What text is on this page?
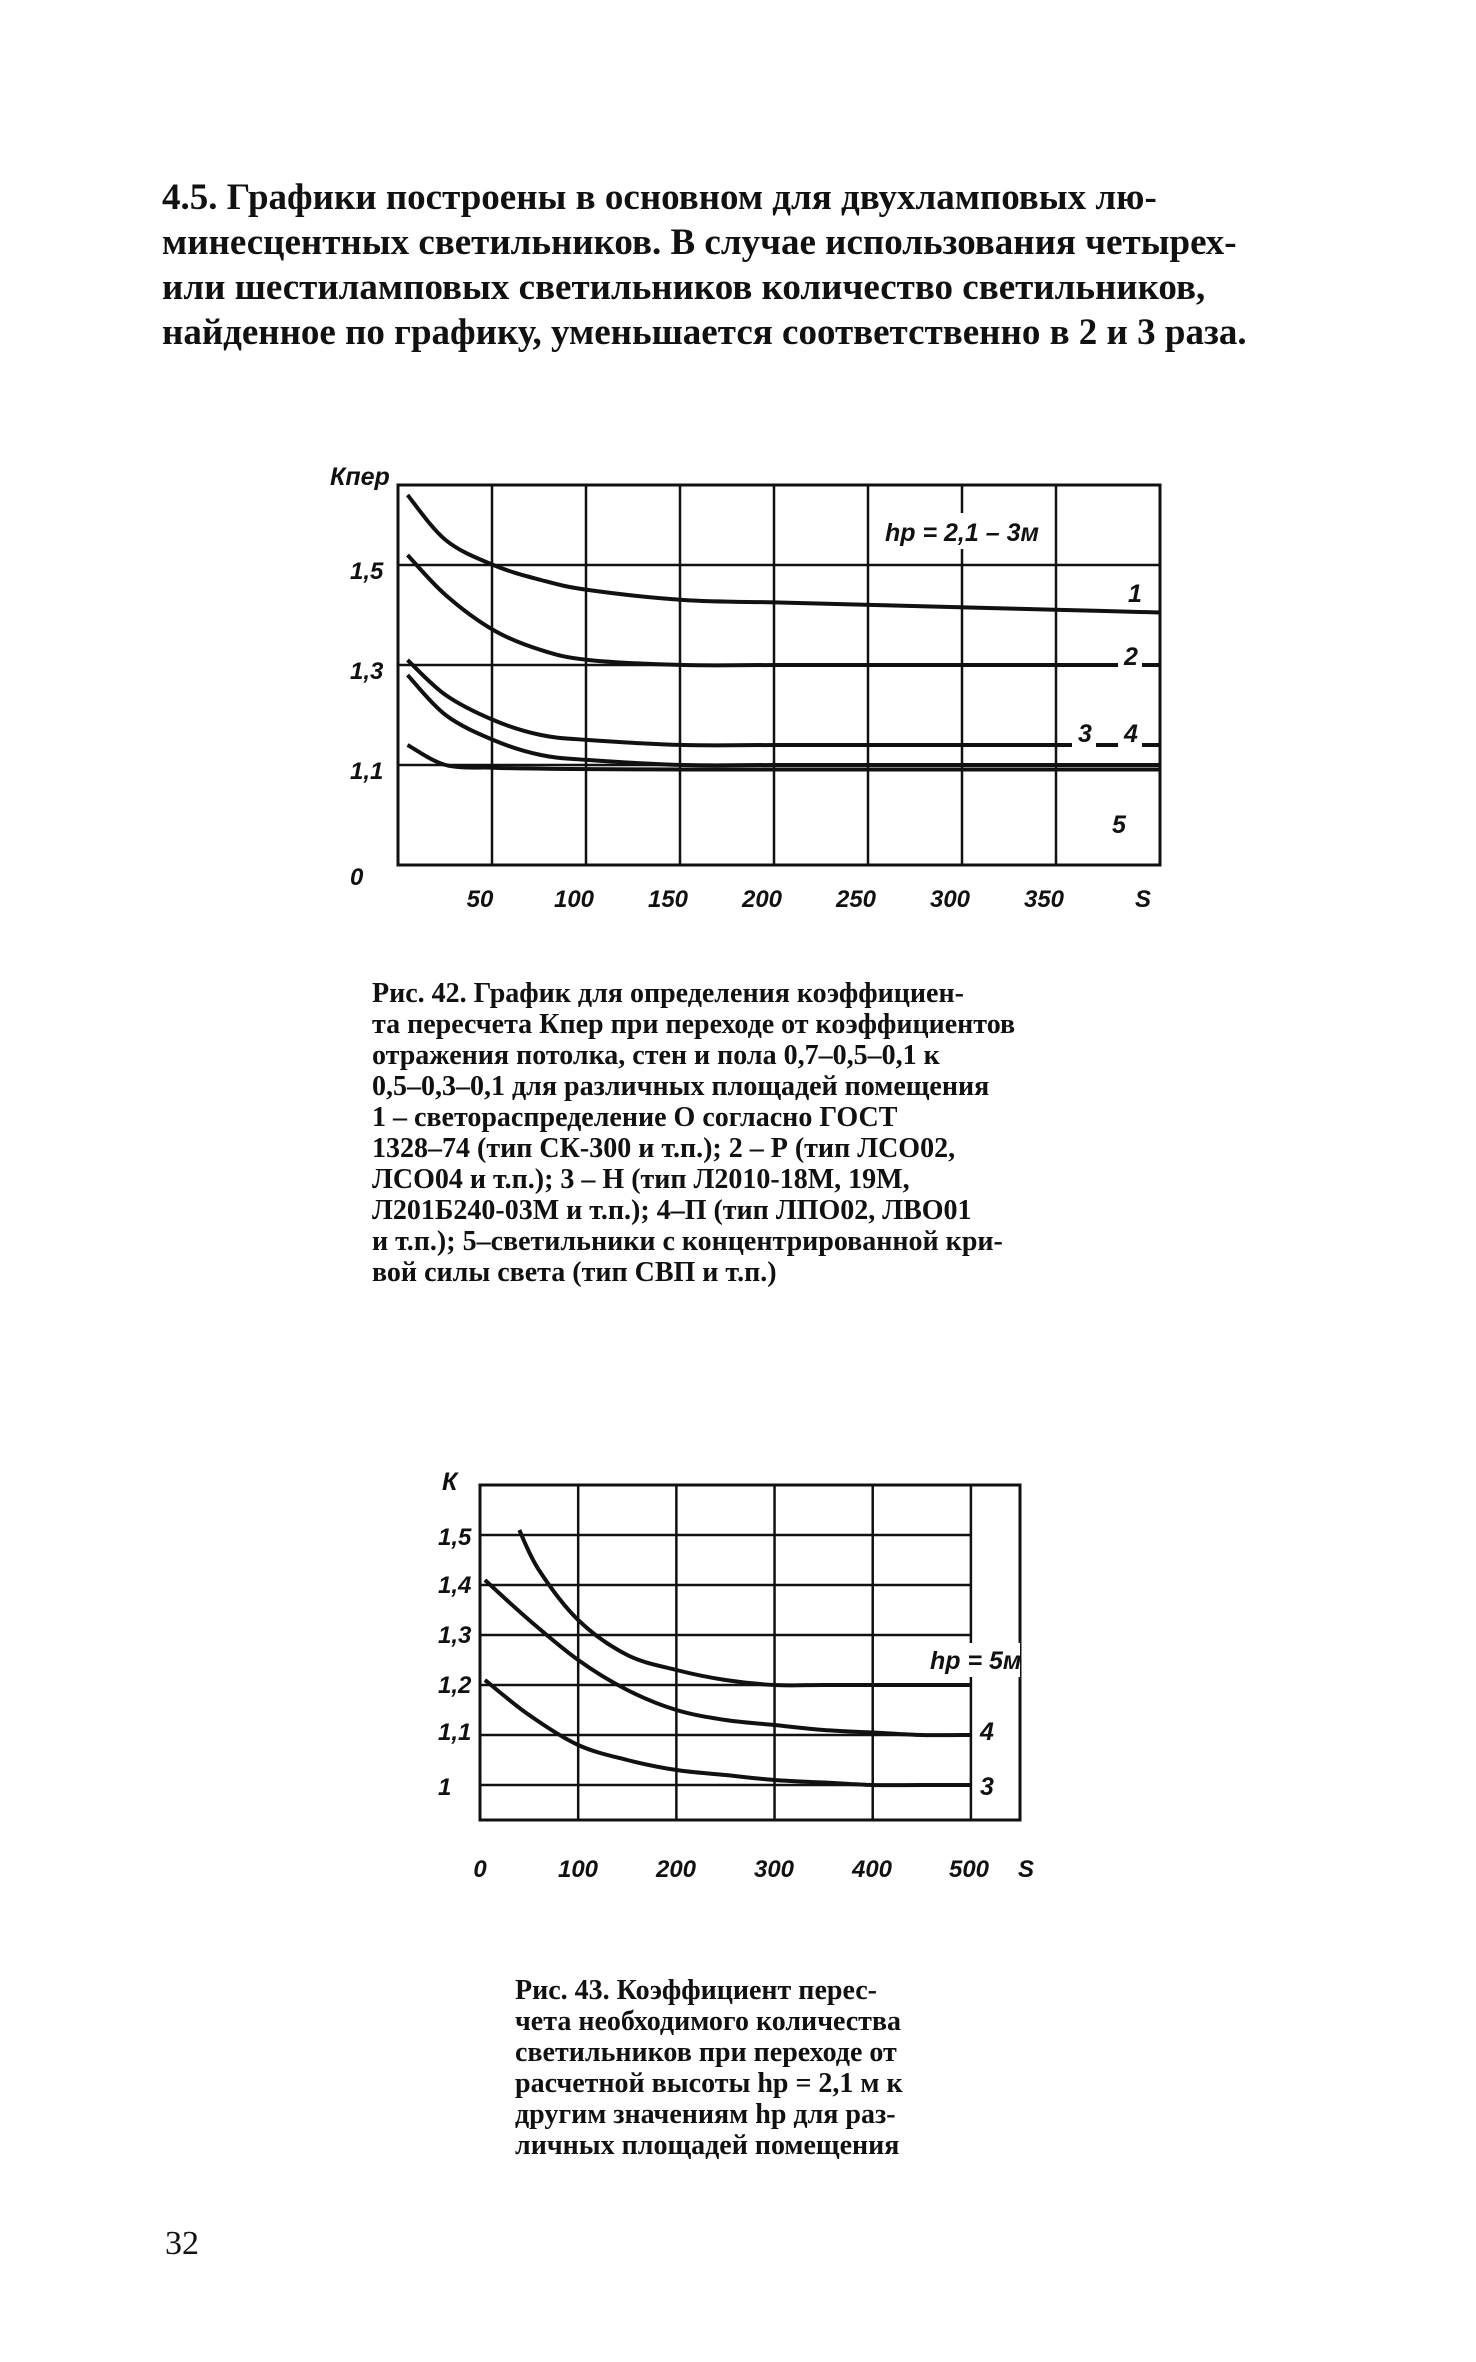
4.5. Графики построены в основном для двухламповых лю-
минесцентных светильников. В случае использования четырех-
или шестиламповых светильников количество светильников,
найденное по графику, уменьшается соответственно в 2 и 3 раза.

Кпер
1,5
1,3
1,1
0
50	100 150 200 250 300 350	S
hр = 2,1 – 3м
1
2
3 4
5
Рис. 42. График для определения коэффициен-
та пересчета Кпер при переходе от коэффициентов
отражения потолка, стен и пола 0,7–0,5–0,1 к
0,5–0,3–0,1 для различных площадей помещения
1 – светораспределение О согласно ГОСТ
1328–74 (тип СК-300 и т.п.); 2 – Р (тип ЛСО02,
ЛСО04 и т.п.); 3 – Н (тип Л2010-18М, 19М,
Л201Б240-03М и т.п.); 4–П (тип ЛПО02, ЛВО01
и т.п.); 5–светильники с концентрированной кри-
вой силы света (тип СВП и т.п.)
К
1,5
1,4
1,3
1,2
1,1
1
0	100 200 300 400 500 S
hр = 5м
4
3
Рис. 43. Коэффициент перес-
чета необходимого количества
светильников при переходе от
расчетной высоты hр = 2,1 м к
другим значениям hр для раз-
личных площадей помещения
32
